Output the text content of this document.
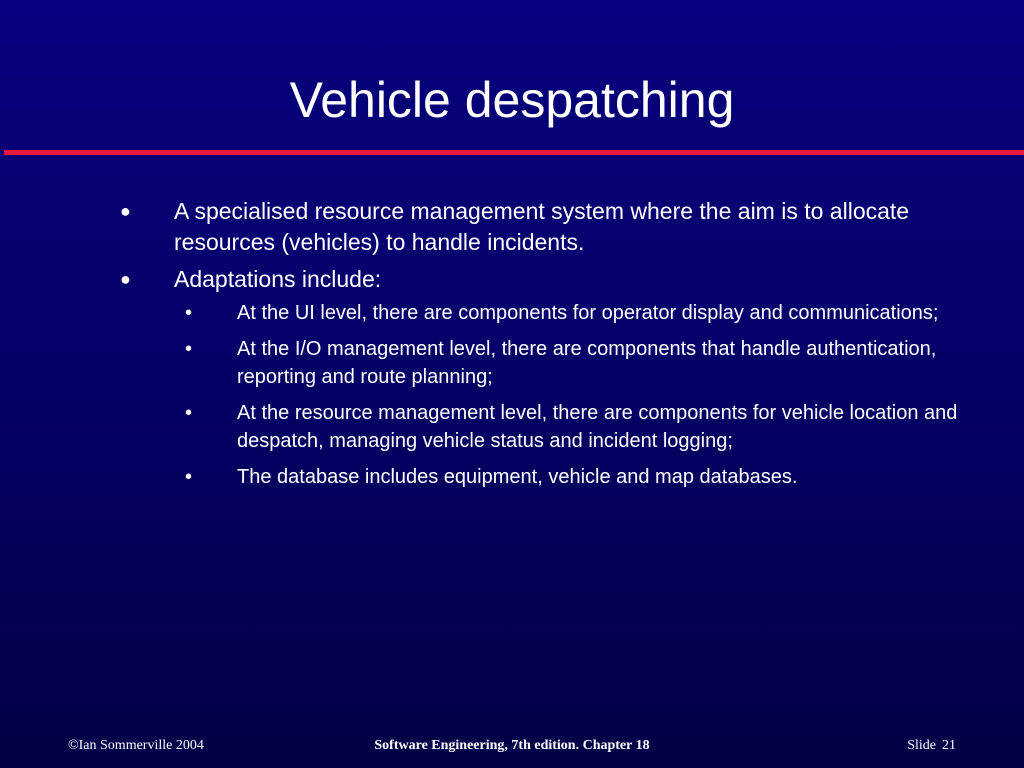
Vehicle despatching
● A specialised resource management system where the aim is to allocate resources (vehicles) to handle incidents.
● Adaptations include:
•	At the UI level, there are components for operator display and communications;
•	At the I/O management level, there are components that handle authentication, reporting and route planning;
•	At the resource management level, there are components for vehicle location and despatch, managing vehicle status and incident logging;
•	The database includes equipment, vehicle and map databases.
©Ian Sommerville 2004	Software Engineering, 7th edition. Chapter 18	Slide 21
